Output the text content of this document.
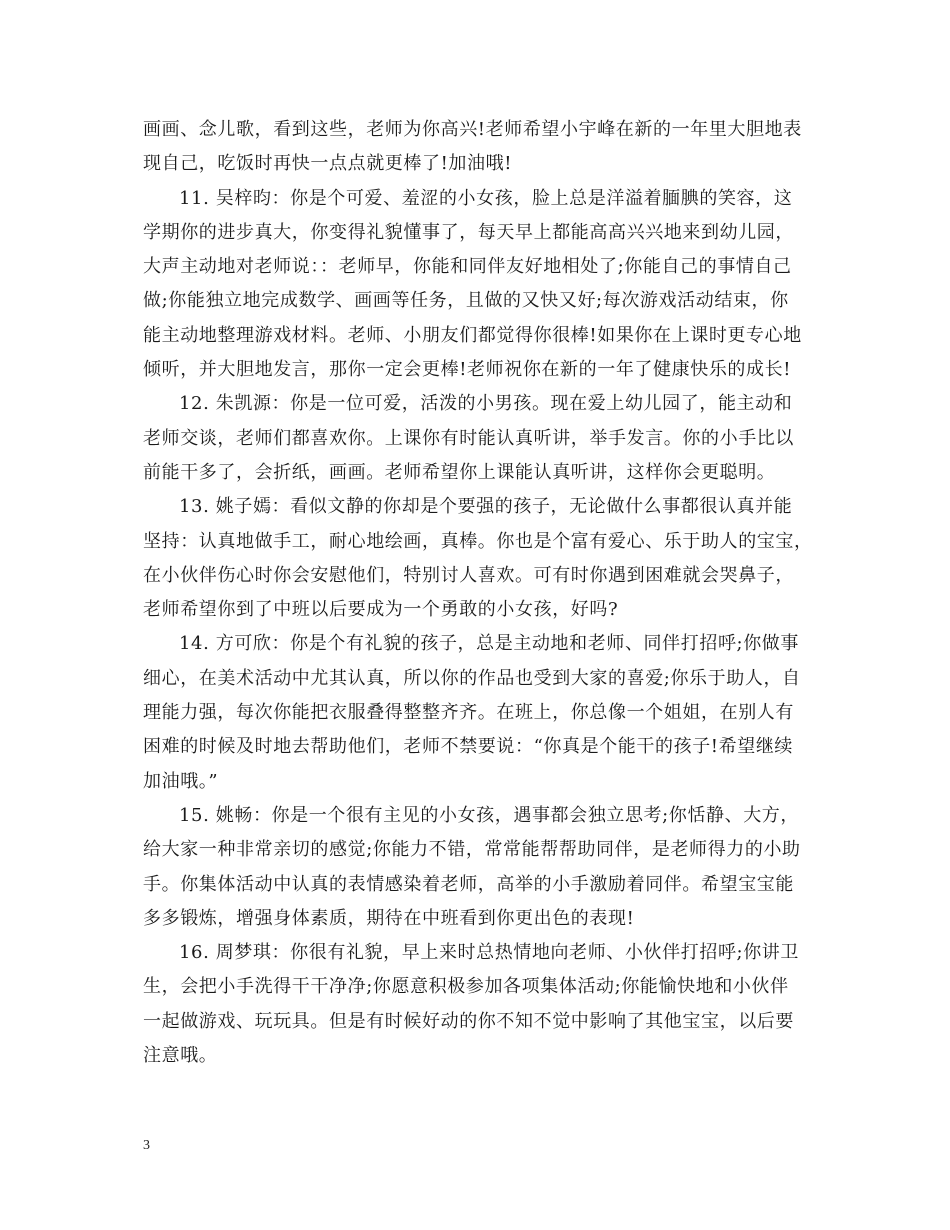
画画、念儿歌，看到这些，老师为你高兴!老师希望小宇峰在新的一年里大胆地表
现自己，吃饭时再快一点点就更棒了!加油哦!
11. 吴梓昀：你是个可爱、羞涩的小女孩，脸上总是洋溢着腼腆的笑容，这
学期你的进步真大，你变得礼貌懂事了，每天早上都能高高兴兴地来到幼儿园，
大声主动地对老师说：：老师早，你能和同伴友好地相处了;你能自己的事情自己
做;你能独立地完成数学、画画等任务，且做的又快又好;每次游戏活动结束，你
能主动地整理游戏材料。老师、小朋友们都觉得你很棒!如果你在上课时更专心地
倾听，并大胆地发言，那你一定会更棒!老师祝你在新的一年了健康快乐的成长!
12. 朱凯源：你是一位可爱，活泼的小男孩。现在爱上幼儿园了，能主动和
老师交谈，老师们都喜欢你。上课你有时能认真听讲，举手发言。你的小手比以
前能干多了，会折纸，画画。老师希望你上课能认真听讲，这样你会更聪明。
13. 姚子嫣：看似文静的你却是个要强的孩子，无论做什么事都很认真并能
坚持：认真地做手工，耐心地绘画，真棒。你也是个富有爱心、乐于助人的宝宝，
在小伙伴伤心时你会安慰他们，特别讨人喜欢。可有时你遇到困难就会哭鼻子，
老师希望你到了中班以后要成为一个勇敢的小女孩，好吗?
14. 方可欣：你是个有礼貌的孩子，总是主动地和老师、同伴打招呼;你做事
细心，在美术活动中尤其认真，所以你的作品也受到大家的喜爱;你乐于助人，自
理能力强，每次你能把衣服叠得整整齐齐。在班上，你总像一个姐姐，在别人有
困难的时候及时地去帮助他们，老师不禁要说：“你真是个能干的孩子!希望继续
加油哦。”
15. 姚畅：你是一个很有主见的小女孩，遇事都会独立思考;你恬静、大方，
给大家一种非常亲切的感觉;你能力不错，常常能帮帮助同伴，是老师得力的小助
手。你集体活动中认真的表情感染着老师，高举的小手激励着同伴。希望宝宝能
多多锻炼，增强身体素质，期待在中班看到你更出色的表现!
16. 周梦琪：你很有礼貌，早上来时总热情地向老师、小伙伴打招呼;你讲卫
生，会把小手洗得干干净净;你愿意积极参加各项集体活动;你能愉快地和小伙伴
一起做游戏、玩玩具。但是有时候好动的你不知不觉中影响了其他宝宝，以后要
注意哦。
3
